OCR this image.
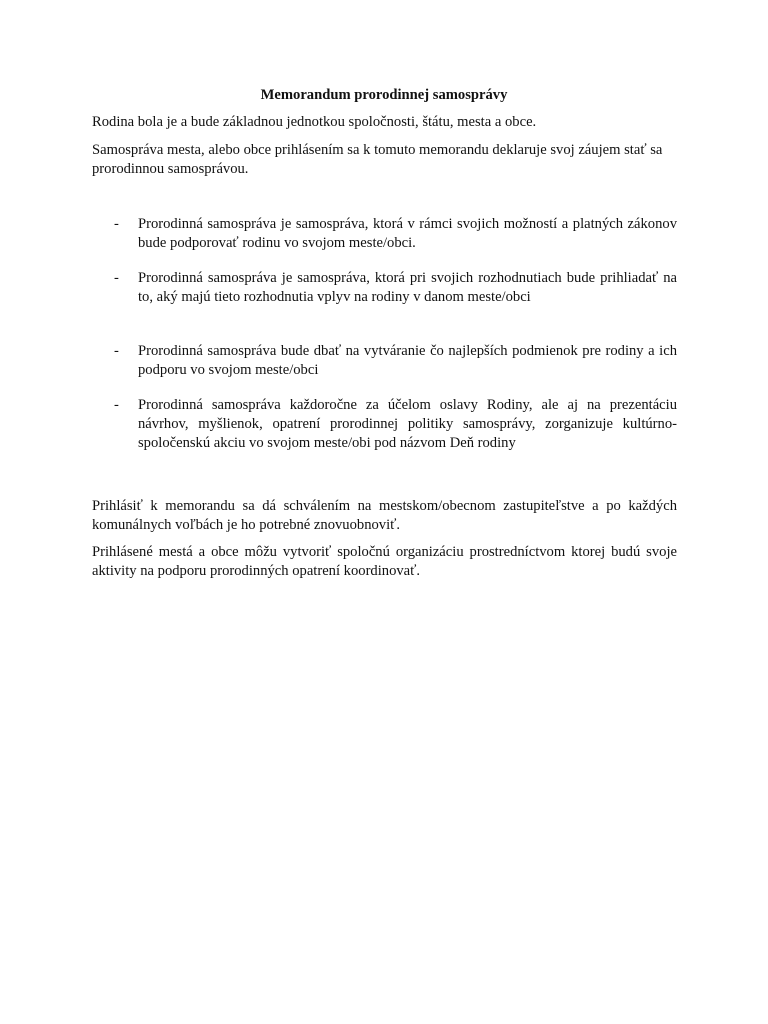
Memorandum prorodinnej samosprávy
Rodina bola je a bude základnou jednotkou spoločnosti, štátu, mesta a obce.
Samospráva mesta, alebo obce prihlásením sa k tomuto memorandu deklaruje svoj záujem stať sa prorodinnou samosprávou.
- Prorodinná samospráva je samospráva, ktorá v rámci svojich možností a platných zákonov bude podporovať rodinu vo svojom meste/obci.
- Prorodinná samospráva je samospráva, ktorá pri svojich rozhodnutiach bude prihliadať na to, aký majú tieto rozhodnutia vplyv na rodiny v danom meste/obci
- Prorodinná samospráva bude dbať na vytváranie čo najlepších podmienok pre rodiny a ich podporu vo svojom meste/obci
- Prorodinná samospráva každoročne za účelom oslavy Rodiny, ale aj na prezentáciu návrhov, myšlienok, opatrení prorodinnej politiky samosprávy, zorganizuje kultúrno-spoločenskú akciu vo svojom meste/obi pod názvom Deň rodiny
Prihlásiť k memorandu sa dá schválením na mestskom/obecnom zastupiteľstve a po každých komunálnych voľbách je ho potrebné znovuobnoviť.
Prihlásené mestá a obce môžu vytvoriť spoločnú organizáciu prostredníctvom ktorej budú svoje aktivity na podporu prorodinných opatrení koordinovať.
